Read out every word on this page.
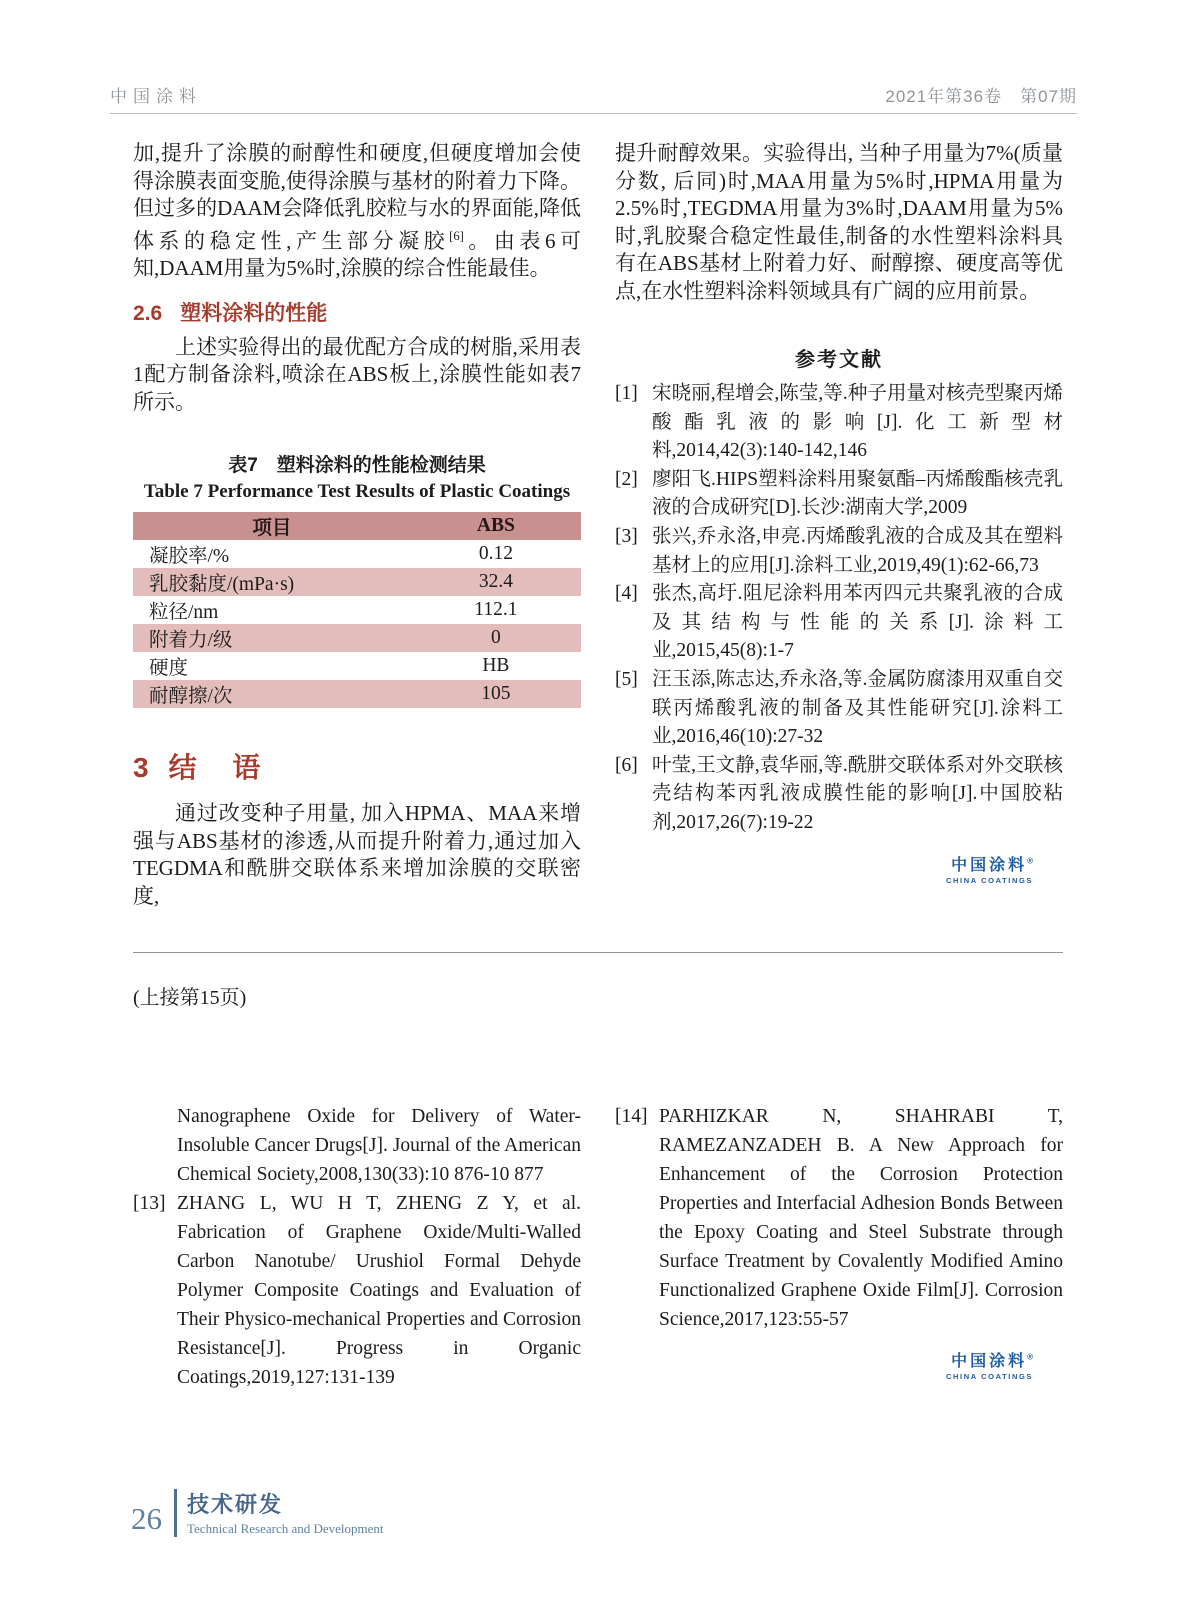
中国涂料	2021年第36卷　第07期

加,提升了涂膜的耐醇性和硬度,但硬度增加会使得涂膜表面变脆,使得涂膜与基材的附着力下降。但过多的DAAM会降低乳胶粒与水的界面能,降低体系的稳定性,产生部分凝胶[6]。由表6可知,DAAM用量为5%时,涂膜的综合性能最佳。

2.6 塑料涂料的性能

上述实验得出的最优配方合成的树脂,采用表1配方制备涂料,喷涂在ABS板上,涂膜性能如表7所示。

表7　塑料涂料的性能检测结果
Table 7 Performance Test Results of Plastic Coatings
项目	ABS
凝胶率/%	0.12
乳胶黏度/(mPa·s)	32.4
粒径/nm	112.1
附着力/级	0
硬度	HB
耐醇擦/次	105
3 结 语

通过改变种子用量, 加入HPMA、MAA来增强与ABS基材的渗透,从而提升附着力,通过加入TEGDMA和酰肼交联体系来增加涂膜的交联密度,

提升耐醇效果。实验得出, 当种子用量为7%(质量分数, 后同)时,MAA用量为5%时,HPMA用量为2.5%时,TEGDMA用量为3%时,DAAM用量为5%时,乳胶聚合稳定性最佳,制备的水性塑料涂料具有在ABS基材上附着力好、耐醇擦、硬度高等优点,在水性塑料涂料领域具有广阔的应用前景。

参考文献
[1] 宋晓丽,程增会,陈莹,等.种子用量对核壳型聚丙烯酸酯乳液的影响[J].化工新型材料,2014,42(3):140-142,146
[2] 廖阳飞.HIPS塑料涂料用聚氨酯–丙烯酸酯核壳乳液的合成研究[D].长沙:湖南大学,2009
[3] 张兴,乔永洛,申亮.丙烯酸乳液的合成及其在塑料基材上的应用[J].涂料工业,2019,49(1):62-66,73
[4] 张杰,高圩.阻尼涂料用苯丙四元共聚乳液的合成及其结构与性能的关系[J].涂料工业,2015,45(8):1-7
[5] 汪玉添,陈志达,乔永洛,等.金属防腐漆用双重自交联丙烯酸乳液的制备及其性能研究[J].涂料工业,2016,46(10):27-32
[6] 叶莹,王文静,袁华丽,等.酰肼交联体系对外交联核壳结构苯丙乳液成膜性能的影响[J].中国胶粘剂,2017,26(7):19-22
中国涂料®
CHINA COATINGS
(上接第15页)

Nanographene Oxide for Delivery of Water-Insoluble Cancer Drugs[J]. Journal of the American Chemical Society,2008,130(33):10 876-10 877

[13] ZHANG L, WU H T, ZHENG Z Y, et al. Fabrication of Graphene Oxide/Multi-Walled Carbon Nanotube/ Urushiol Formal Dehyde Polymer Composite Coatings and Evaluation of Their Physico-mechanical Properties and Corrosion Resistance[J]. Progress in Organic Coatings,2019,127:131-139
[14] PARHIZKAR N, SHAHRABI T, RAMEZANZADEH B. A New Approach for Enhancement of the Corrosion Protection Properties and Interfacial Adhesion Bonds Between the Epoxy Coating and Steel Substrate through Surface Treatment by Covalently Modified Amino Functionalized Graphene Oxide Film[J]. Corrosion Science,2017,123:55-57
中国涂料®
CHINA COATINGS
26 技术研发
Technical Research and Development
